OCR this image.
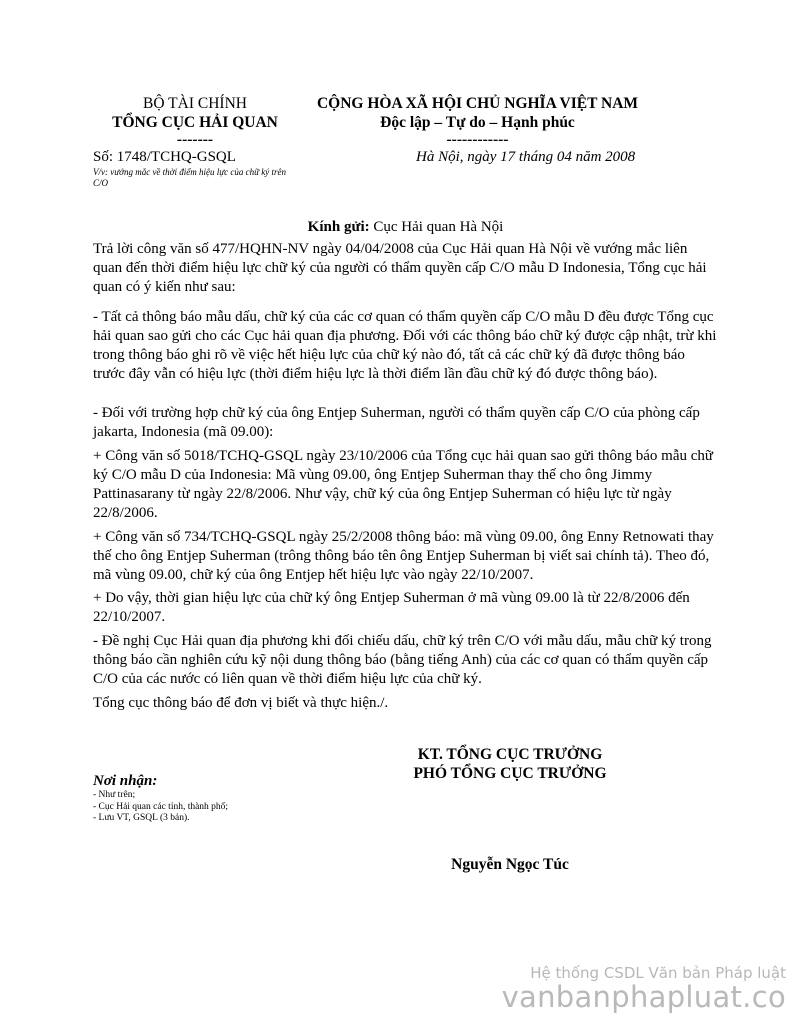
BỘ TÀI CHÍNH
TỔNG CỤC HẢI QUAN
-------
CỘNG HÒA XÃ HỘI CHỦ NGHĨA VIỆT NAM
Độc lập – Tự do – Hạnh phúc
------------
Số: 1748/TCHQ-GSQL
V/v: vướng mắc về thời điểm hiệu lực của chữ ký trên C/O
Hà Nội, ngày 17 tháng 04 năm 2008
Kính gửi: Cục Hải quan Hà Nội
Trả lời công văn số 477/HQHN-NV ngày 04/04/2008 của Cục Hải quan Hà Nội về vướng mắc liên quan đến thời điểm hiệu lực chữ ký của người có thẩm quyền cấp C/O mẫu D Indonesia, Tổng cục hải quan có ý kiến như sau:
- Tất cả thông báo mẫu dấu, chữ ký của các cơ quan có thẩm quyền cấp C/O mẫu D đều được Tổng cục hải quan sao gửi cho các Cục hải quan địa phương. Đối với các thông báo chữ ký được cập nhật, trừ khi trong thông báo ghi rõ về việc hết hiệu lực của chữ ký nào đó, tất cả các chữ ký đã được thông báo trước đây vẫn có hiệu lực (thời điểm hiệu lực là thời điểm lần đầu chữ ký đó được thông báo).
- Đối với trường hợp chữ ký của ông Entjep Suherman, người có thẩm quyền cấp C/O của phòng cấp jakarta, Indonesia (mã 09.00):
+ Công văn số 5018/TCHQ-GSQL ngày 23/10/2006 của Tổng cục hải quan sao gửi thông báo mẫu chữ ký C/O mẫu D của Indonesia: Mã vùng 09.00, ông Entjep Suherman thay thế cho ông Jimmy Pattinasarany từ ngày 22/8/2006. Như vậy, chữ ký của ông Entjep Suherman có hiệu lực từ ngày 22/8/2006.
+ Công văn số 734/TCHQ-GSQL ngày 25/2/2008 thông báo: mã vùng 09.00, ông Enny Retnowati thay thế cho ông Entjep Suherman (trông thông báo tên ông Entjep Suherman bị viết sai chính tả). Theo đó, mã vùng 09.00, chữ ký của ông Entjep hết hiệu lực vào ngày 22/10/2007.
+ Do vậy, thời gian hiệu lực của chữ ký ông Entjep Suherman ở mã vùng 09.00 là từ 22/8/2006 đến 22/10/2007.
- Đề nghị Cục Hải quan địa phương khi đối chiếu dấu, chữ ký trên C/O với mẫu dấu, mẫu chữ ký trong thông báo cần nghiên cứu kỹ nội dung thông báo (bằng tiếng Anh) của các cơ quan có thẩm quyền cấp C/O của các nước có liên quan về thời điểm hiệu lực của chữ ký.
Tổng cục thông báo để đơn vị biết và thực hiện./.
KT. TỔNG CỤC TRƯỞNG
PHÓ TỔNG CỤC TRƯỞNG
Nguyễn Ngọc Túc
Nơi nhận:
- Như trên;
- Cục Hải quan các tỉnh, thành phố;
- Lưu VT, GSQL (3 bản).
Hệ thống CSDL Văn bản Pháp luật
vanbanphapluat.co
